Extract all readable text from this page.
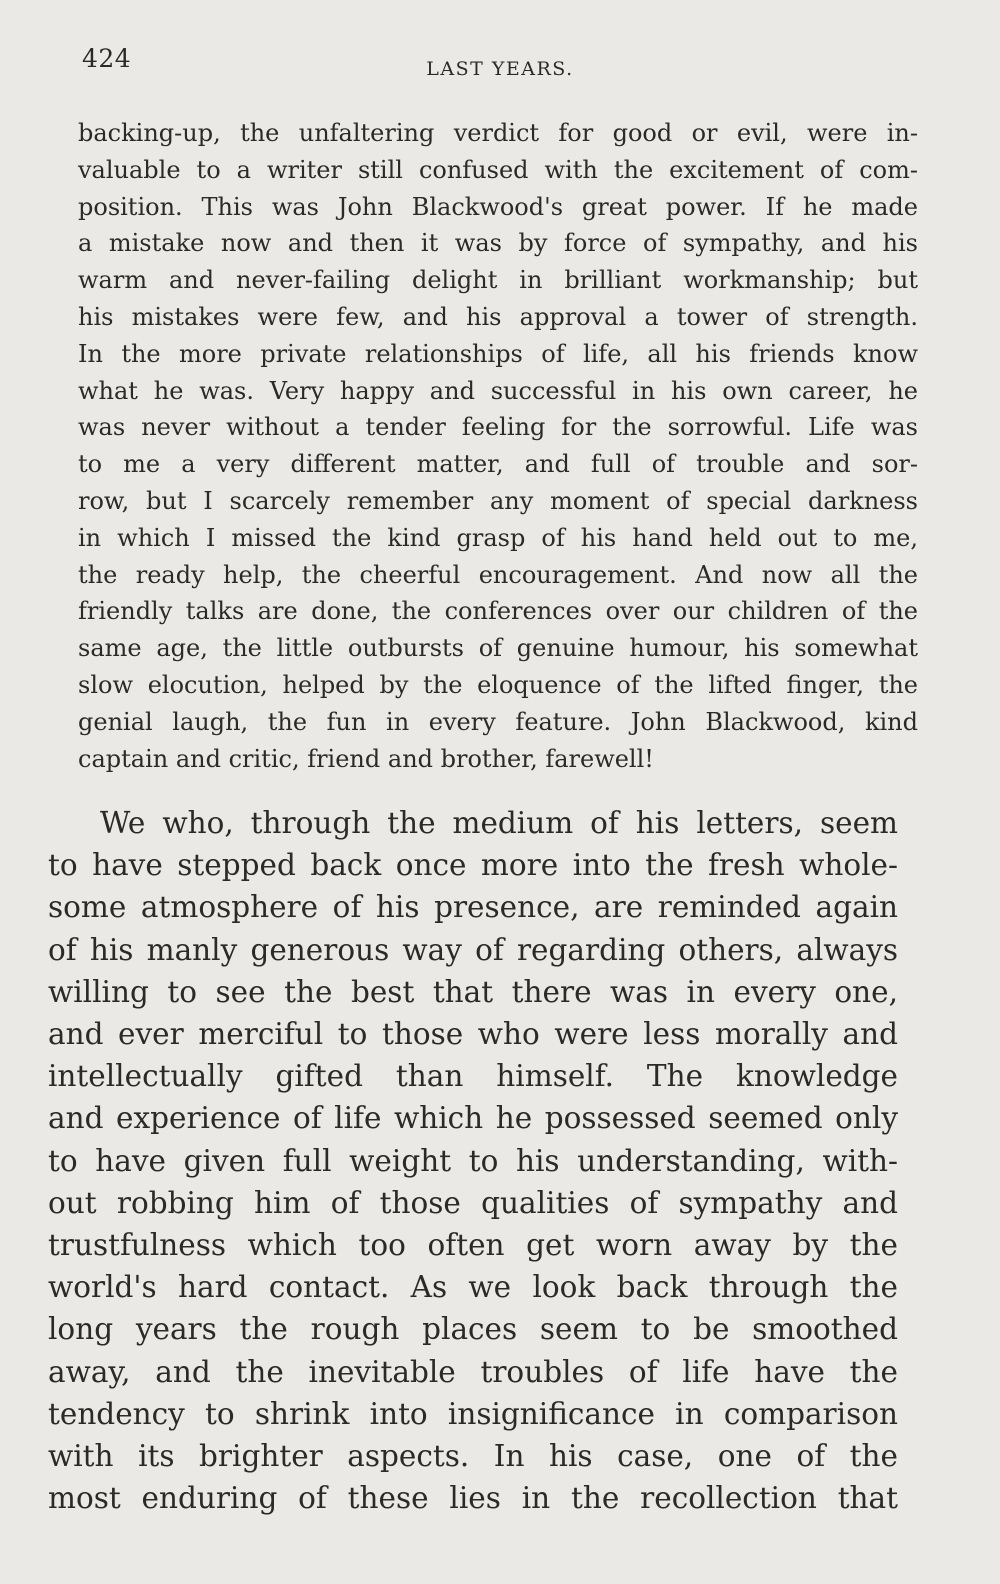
424	LAST YEARS.
backing-up, the unfaltering verdict for good or evil, were in-
valuable to a writer still confused with the excitement of com-
position. This was John Blackwood's great power. If he made
a mistake now and then it was by force of sympathy, and his
warm and never-failing delight in brilliant workmanship; but
his mistakes were few, and his approval a tower of strength.
In the more private relationships of life, all his friends know
what he was. Very happy and successful in his own career, he
was never without a tender feeling for the sorrowful. Life was
to me a very different matter, and full of trouble and sor-
row, but I scarcely remember any moment of special darkness
in which I missed the kind grasp of his hand held out to me,
the ready help, the cheerful encouragement. And now all the
friendly talks are done, the conferences over our children of the
same age, the little outbursts of genuine humour, his somewhat
slow elocution, helped by the eloquence of the lifted finger, the
genial laugh, the fun in every feature. John Blackwood, kind
captain and critic, friend and brother, farewell!
We who, through the medium of his letters, seem
to have stepped back once more into the fresh whole-
some atmosphere of his presence, are reminded again
of his manly generous way of regarding others, always
willing to see the best that there was in every one,
and ever merciful to those who were less morally and
intellectually gifted than himself. The knowledge
and experience of life which he possessed seemed only
to have given full weight to his understanding, with-
out robbing him of those qualities of sympathy and
trustfulness which too often get worn away by the
world's hard contact. As we look back through the
long years the rough places seem to be smoothed
away, and the inevitable troubles of life have the
tendency to shrink into insignificance in comparison
with its brighter aspects. In his case, one of the
most enduring of these lies in the recollection that
